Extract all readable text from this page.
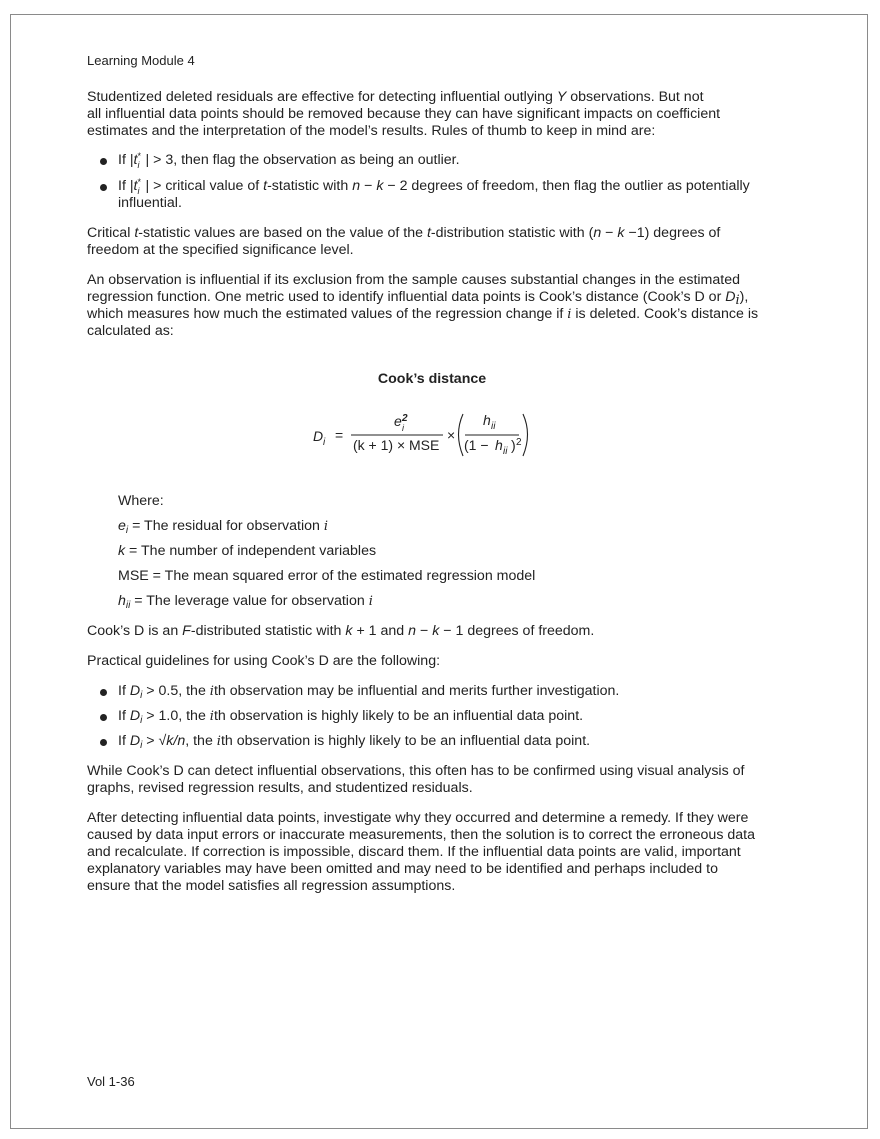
Learning Module 4

Studentized deleted residuals are effective for detecting influential outlying Y observations. But not
all influential data points should be removed because they can have significant impacts on coefficient
estimates and the interpretation of the model’s results. Rules of thumb to keep in mind are:

If |t *
i | > 3, then flag the observation as being an outlier.
If |t *
i | > critical value of t-statistic with n − k − 2 degrees of freedom, then flag the outlier as potentially
influential.

Critical t-statistic values are based on the value of the t-distribution statistic with (n − k −1) degrees of
freedom at the specified significance level.

An observation is influential if its exclusion from the sample causes substantial changes in the estimated
regression function. One metric used to identify influential data points is Cook’s distance (Cook’s D or $D_i$),
which measures how much the estimated values of the regression change if i is deleted. Cook’s distance is
calculated as:

Cook’s distance
D i =
e 2
i
(k + 1) × MSE
×
h ii
(1 − h ii ) 2
Where:
$e_i$ = The residual for observation i
k = The number of independent variables
MSE = The mean squared error of the estimated regression model
$h_{ii}$ = The leverage value for observation i

Cook’s D is an F-distributed statistic with k + 1 and n − k − 1 degrees of freedom.

Practical guidelines for using Cook’s D are the following:

If $D_i > 0.5$, the ith observation may be influential and merits further investigation.
If $D_i > 1.0$, the ith observation is highly likely to be an influential data point.
If $D_i > √k/n$, the ith observation is highly likely to be an influential data point.

While Cook’s D can detect influential observations, this often has to be confirmed using visual analysis of
graphs, revised regression results, and studentized residuals.

After detecting influential data points, investigate why they occurred and determine a remedy. If they were
caused by data input errors or inaccurate measurements, then the solution is to correct the erroneous data
and recalculate. If correction is impossible, discard them. If the influential data points are valid, important
explanatory variables may have been omitted and may need to be identified and perhaps included to
ensure that the model satisfies all regression assumptions.

Vol 1-36
